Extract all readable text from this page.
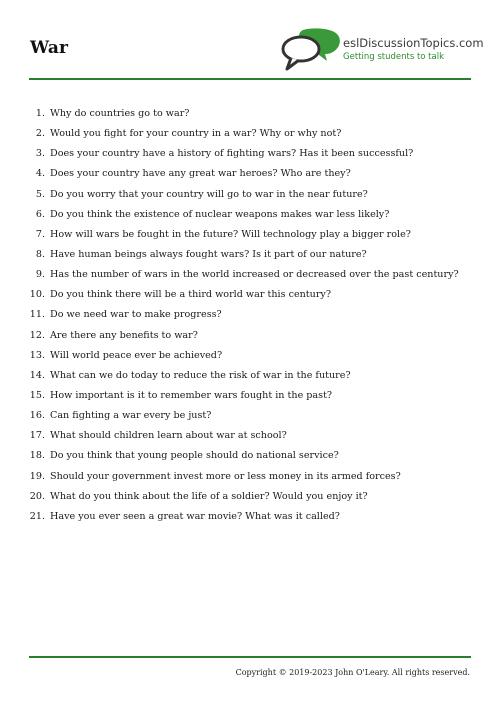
War	eslDiscussionTopics.com
Getting students to talk
1. Why do countries go to war?
2. Would you fight for your country in a war? Why or why not?
3. Does your country have a history of fighting wars? Has it been successful?
4. Does your country have any great war heroes? Who are they?
5. Do you worry that your country will go to war in the near future?
6. Do you think the existence of nuclear weapons makes war less likely?
7. How will wars be fought in the future? Will technology play a bigger role?
8. Have human beings always fought wars? Is it part of our nature?
9. Has the number of wars in the world increased or decreased over the past century?
10. Do you think there will be a third world war this century?
11. Do we need war to make progress?
12. Are there any benefits to war?
13. Will world peace ever be achieved?
14. What can we do today to reduce the risk of war in the future?
15. How important is it to remember wars fought in the past?
16. Can fighting a war every be just?
17. What should children learn about war at school?
18. Do you think that young people should do national service?
19. Should your government invest more or less money in its armed forces?
20. What do you think about the life of a soldier? Would you enjoy it?
21. Have you ever seen a great war movie? What was it called?
Copyright © 2019-2023 John O'Leary. All rights reserved.
